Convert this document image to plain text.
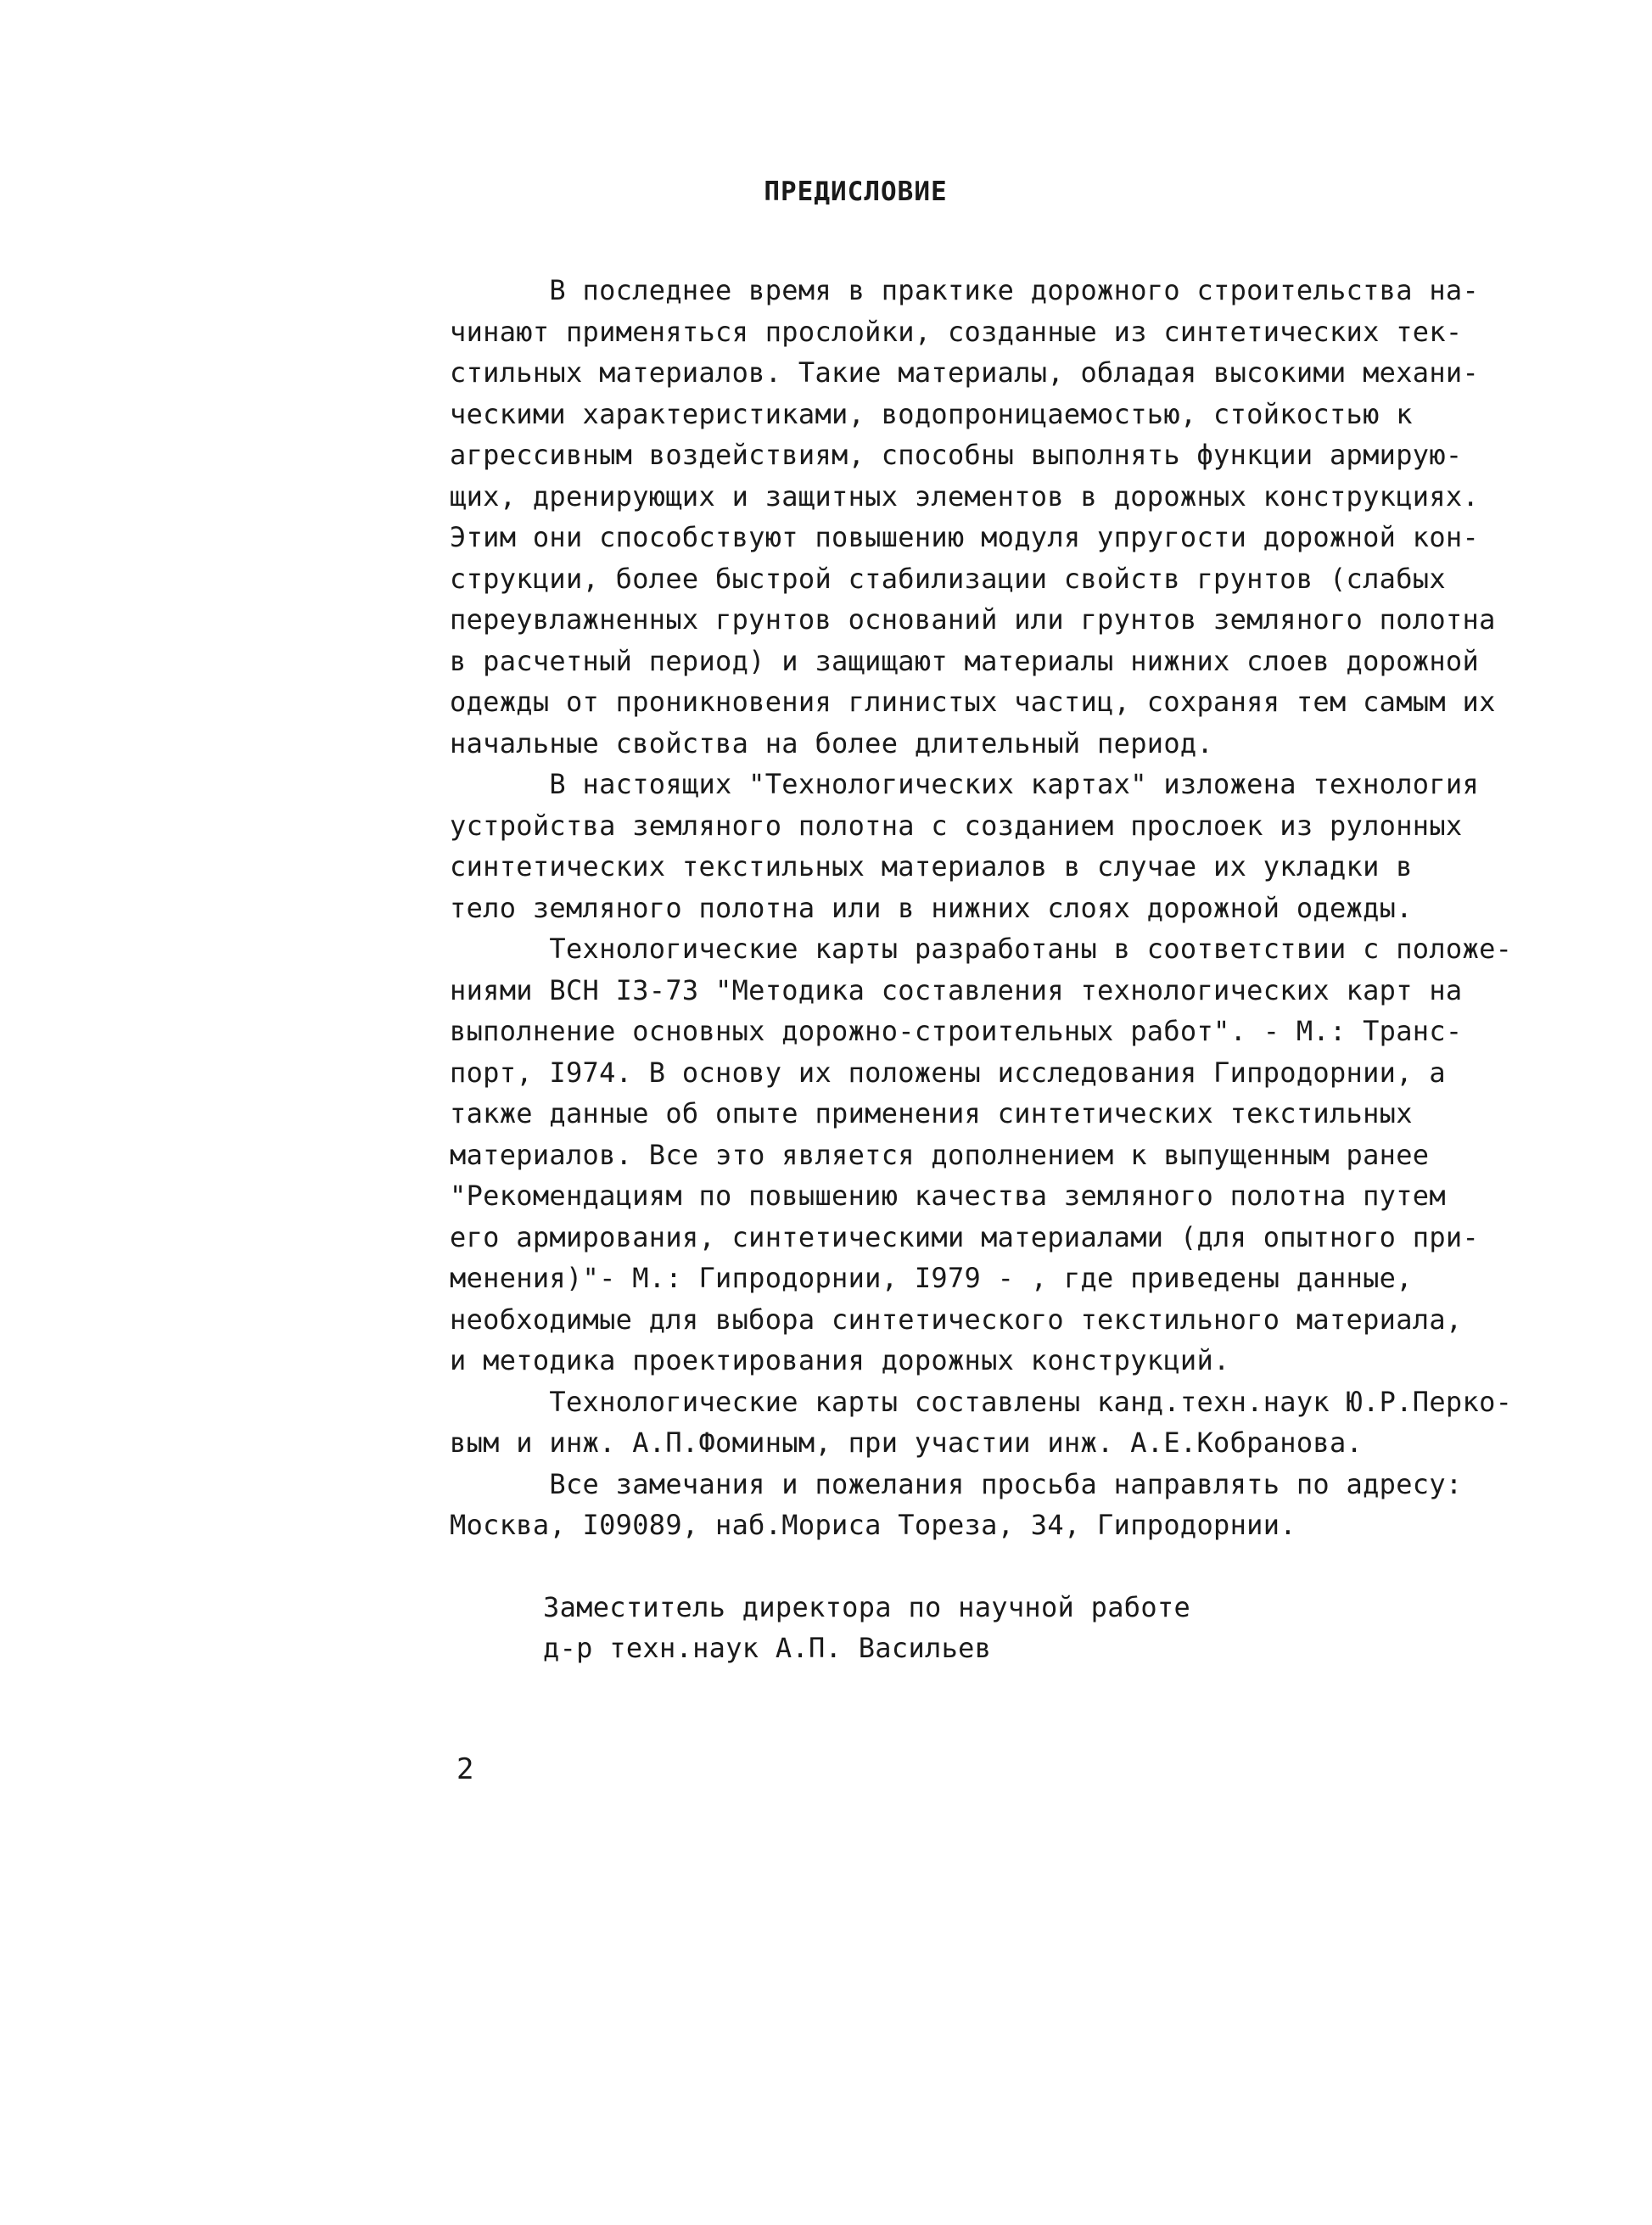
ПРЕДИСЛОВИЕ
В последнее время в практике дорожного строительства на-
чинают применяться прослойки, созданные из синтетических тек-
стильных материалов. Такие материалы, обладая высокими механи-
ческими характеристиками, водопроницаемостью, стойкостью к
агрессивным воздействиям, способны выполнять функции армирую-
щих, дренирующих и защитных элементов в дорожных конструкциях.
Этим они способствуют повышению модуля упругости дорожной кон-
струкции, более быстрой стабилизации свойств грунтов (слабых
переувлажненных грунтов оснований или грунтов земляного полотна
в расчетный период) и защищают материалы нижних слоев дорожной
одежды от проникновения глинистых частиц, сохраняя тем самым их
начальные свойства на более длительный период.
В настоящих "Технологических картах" изложена технология
устройства земляного полотна с созданием прослоек из рулонных
синтетических текстильных материалов в случае их укладки в
тело земляного полотна или в нижних слоях дорожной одежды.
Технологические карты разработаны в соответствии с положе-
ниями ВСН I3-73 "Методика составления технологических карт на
выполнение основных дорожно-строительных работ". - М.: Транс-
порт, I974. В основу их положены исследования Гипродорнии, а
также данные об опыте применения синтетических текстильных
материалов. Все это является дополнением к выпущенным ранее
"Рекомендациям по повышению качества земляного полотна путем
его армирования, синтетическими материалами (для опытного при-
менения)"- М.: Гипродорнии, I979 - , где приведены данные,
необходимые для выбора синтетического текстильного материала,
и методика проектирования дорожных конструкций.
Технологические карты составлены канд.техн.наук Ю.Р.Перко-
вым и инж. А.П.Фоминым, при участии инж. А.Е.Кобранова.
Все замечания и пожелания просьба направлять по адресу:
Москва, I09089, наб.Мориса Тореза, 34, Гипродорнии.
Заместитель директора по научной работе
д-р техн.наук А.П. Васильев
2
